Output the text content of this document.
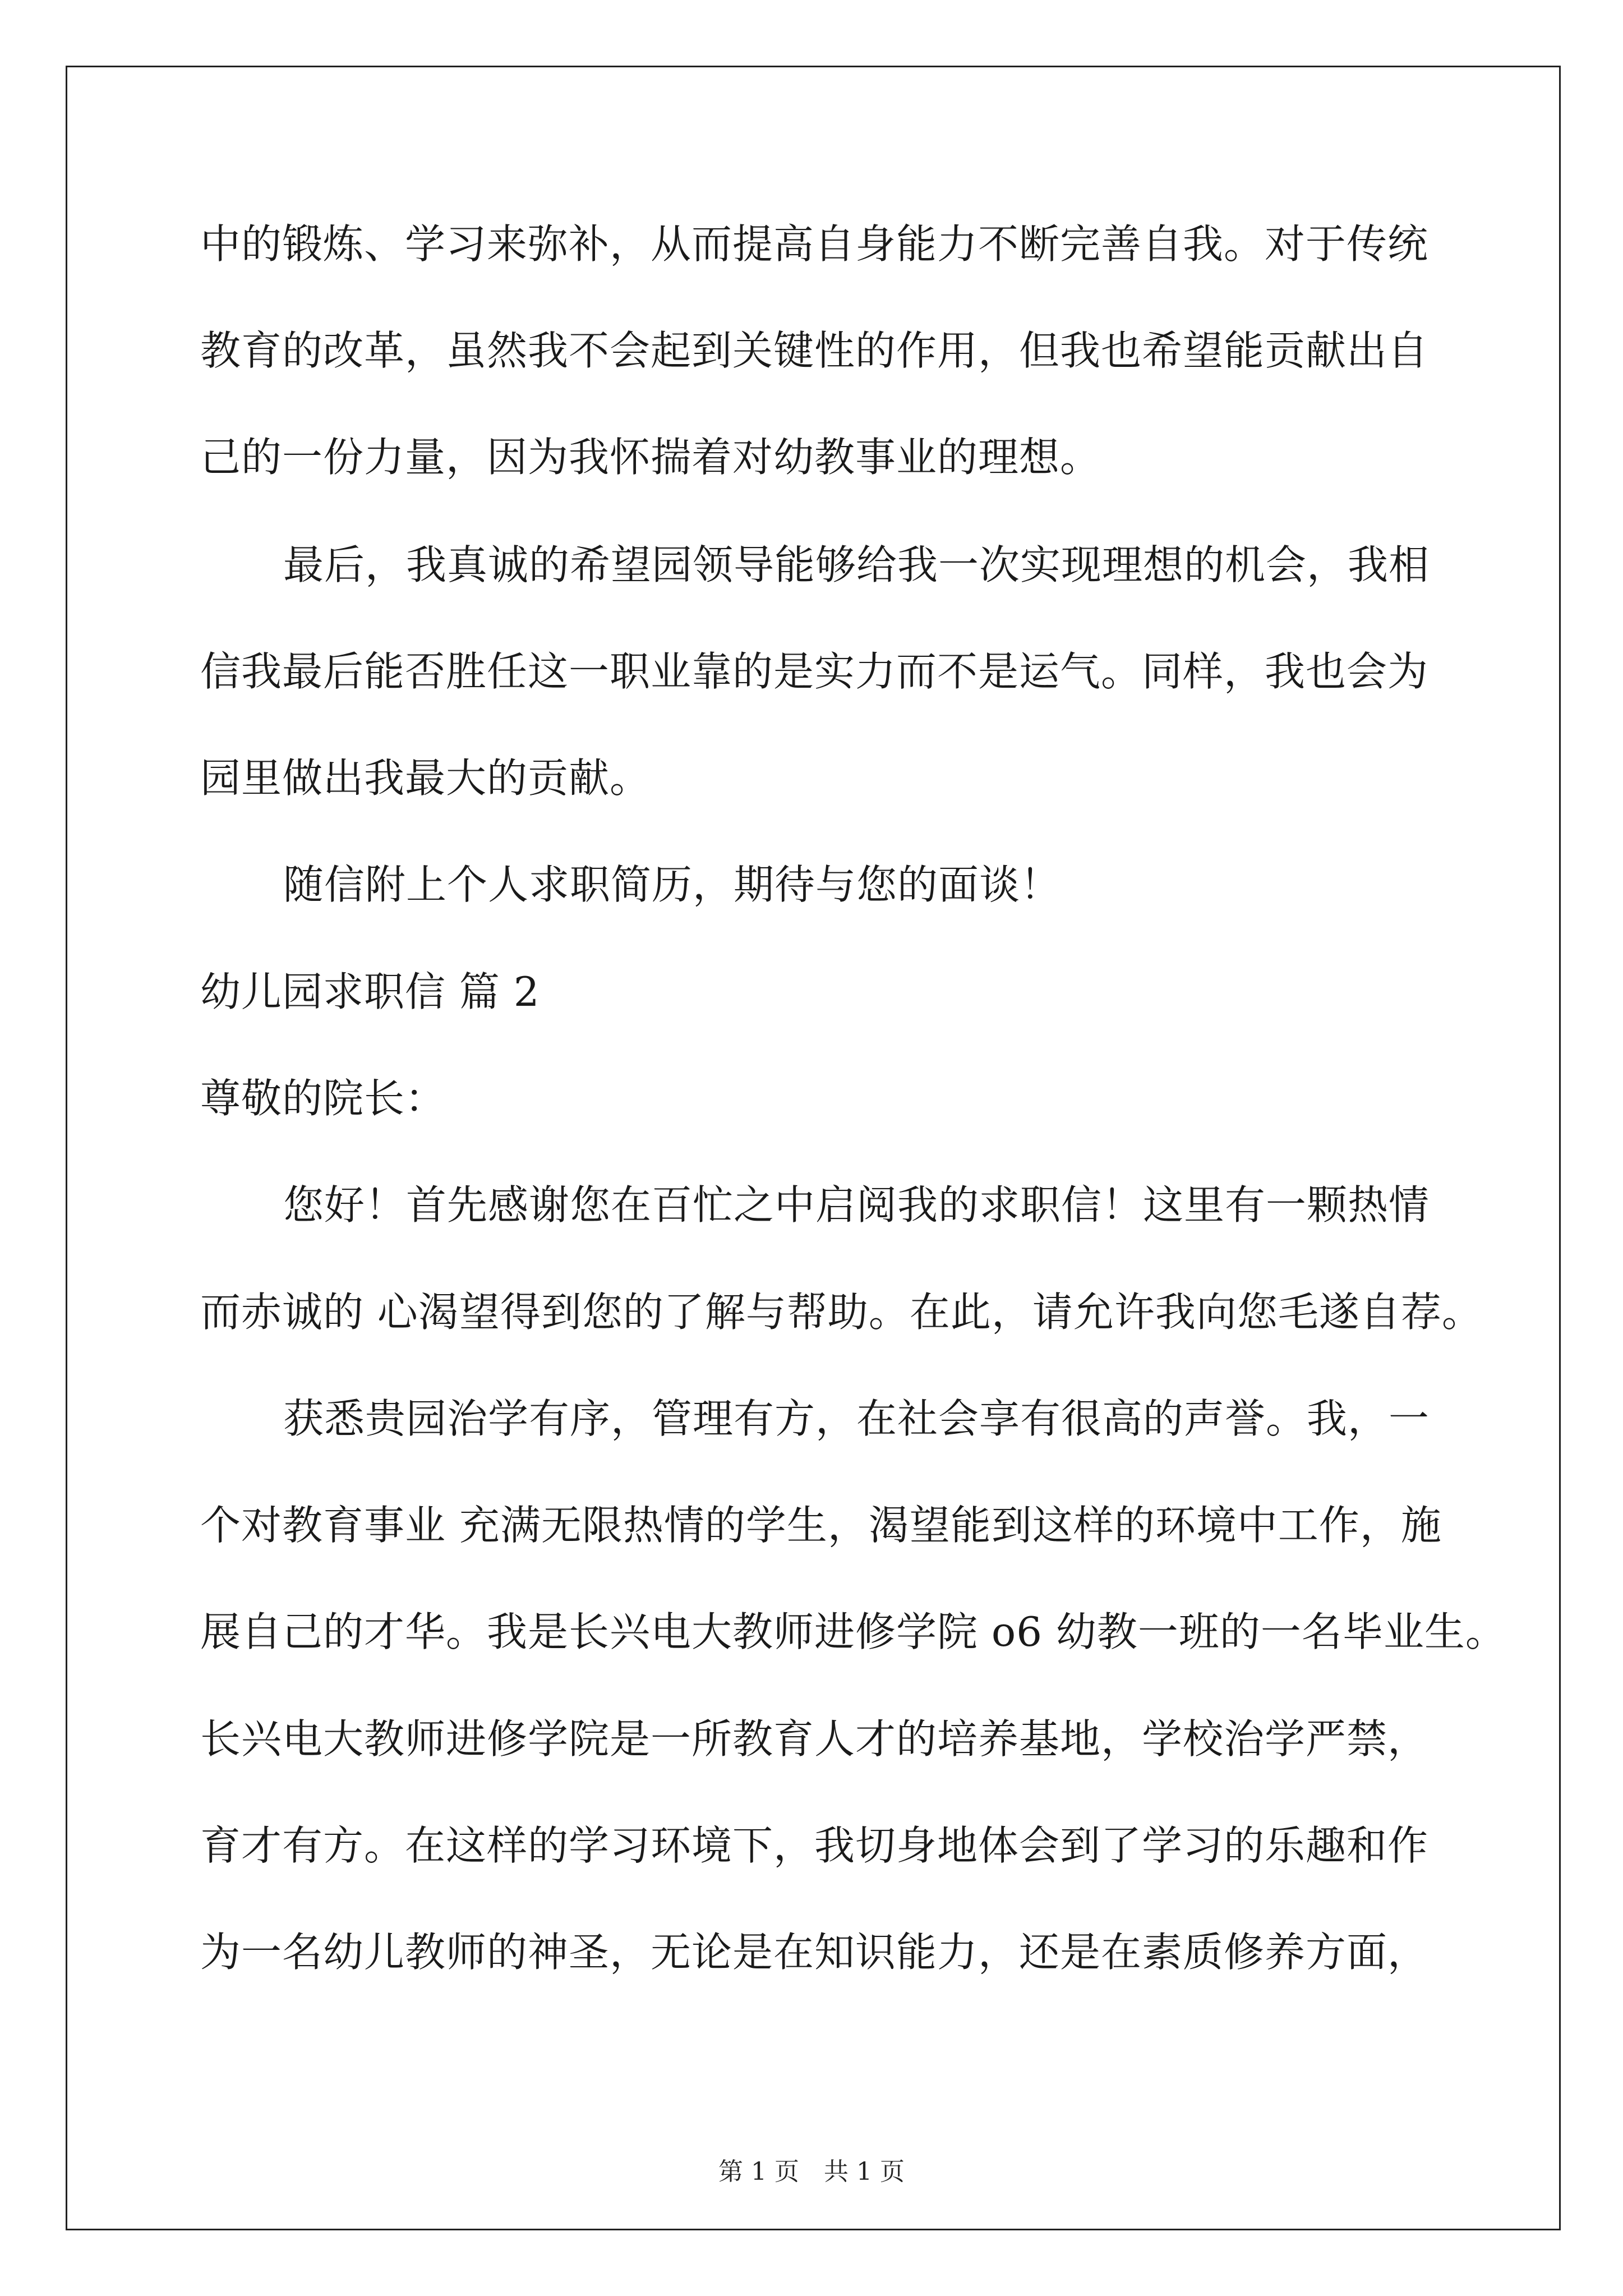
中的锻炼、学习来弥补，从而提高自身能力不断完善自我。对于传统
教育的改革，虽然我不会起到关键性的作用，但我也希望能贡献出自
己的一份力量，因为我怀揣着对幼教事业的理想。
最后，我真诚的希望园领导能够给我一次实现理想的机会，我相
信我最后能否胜任这一职业靠的是实力而不是运气。同样，我也会为
园里做出我最大的贡献。
随信附上个人求职简历，期待与您的面谈！
幼儿园求职信 篇 2
尊敬的院长：
您好！首先感谢您在百忙之中启阅我的求职信！这里有一颗热情
而赤诚的 心渴望得到您的了解与帮助。在此，请允许我向您毛遂自荐。
获悉贵园治学有序，管理有方，在社会享有很高的声誉。我，一
个对教育事业 充满无限热情的学生，渴望能到这样的环境中工作，施
展自己的才华。我是长兴电大教师进修学院 o6 幼教一班的一名毕业生。
长兴电大教师进修学院是一所教育人才的培养基地，学校治学严禁，
育才有方。在这样的学习环境下，我切身地体会到了学习的乐趣和作
为一名幼儿教师的神圣，无论是在知识能力，还是在素质修养方面，
第 1 页　共 1 页
